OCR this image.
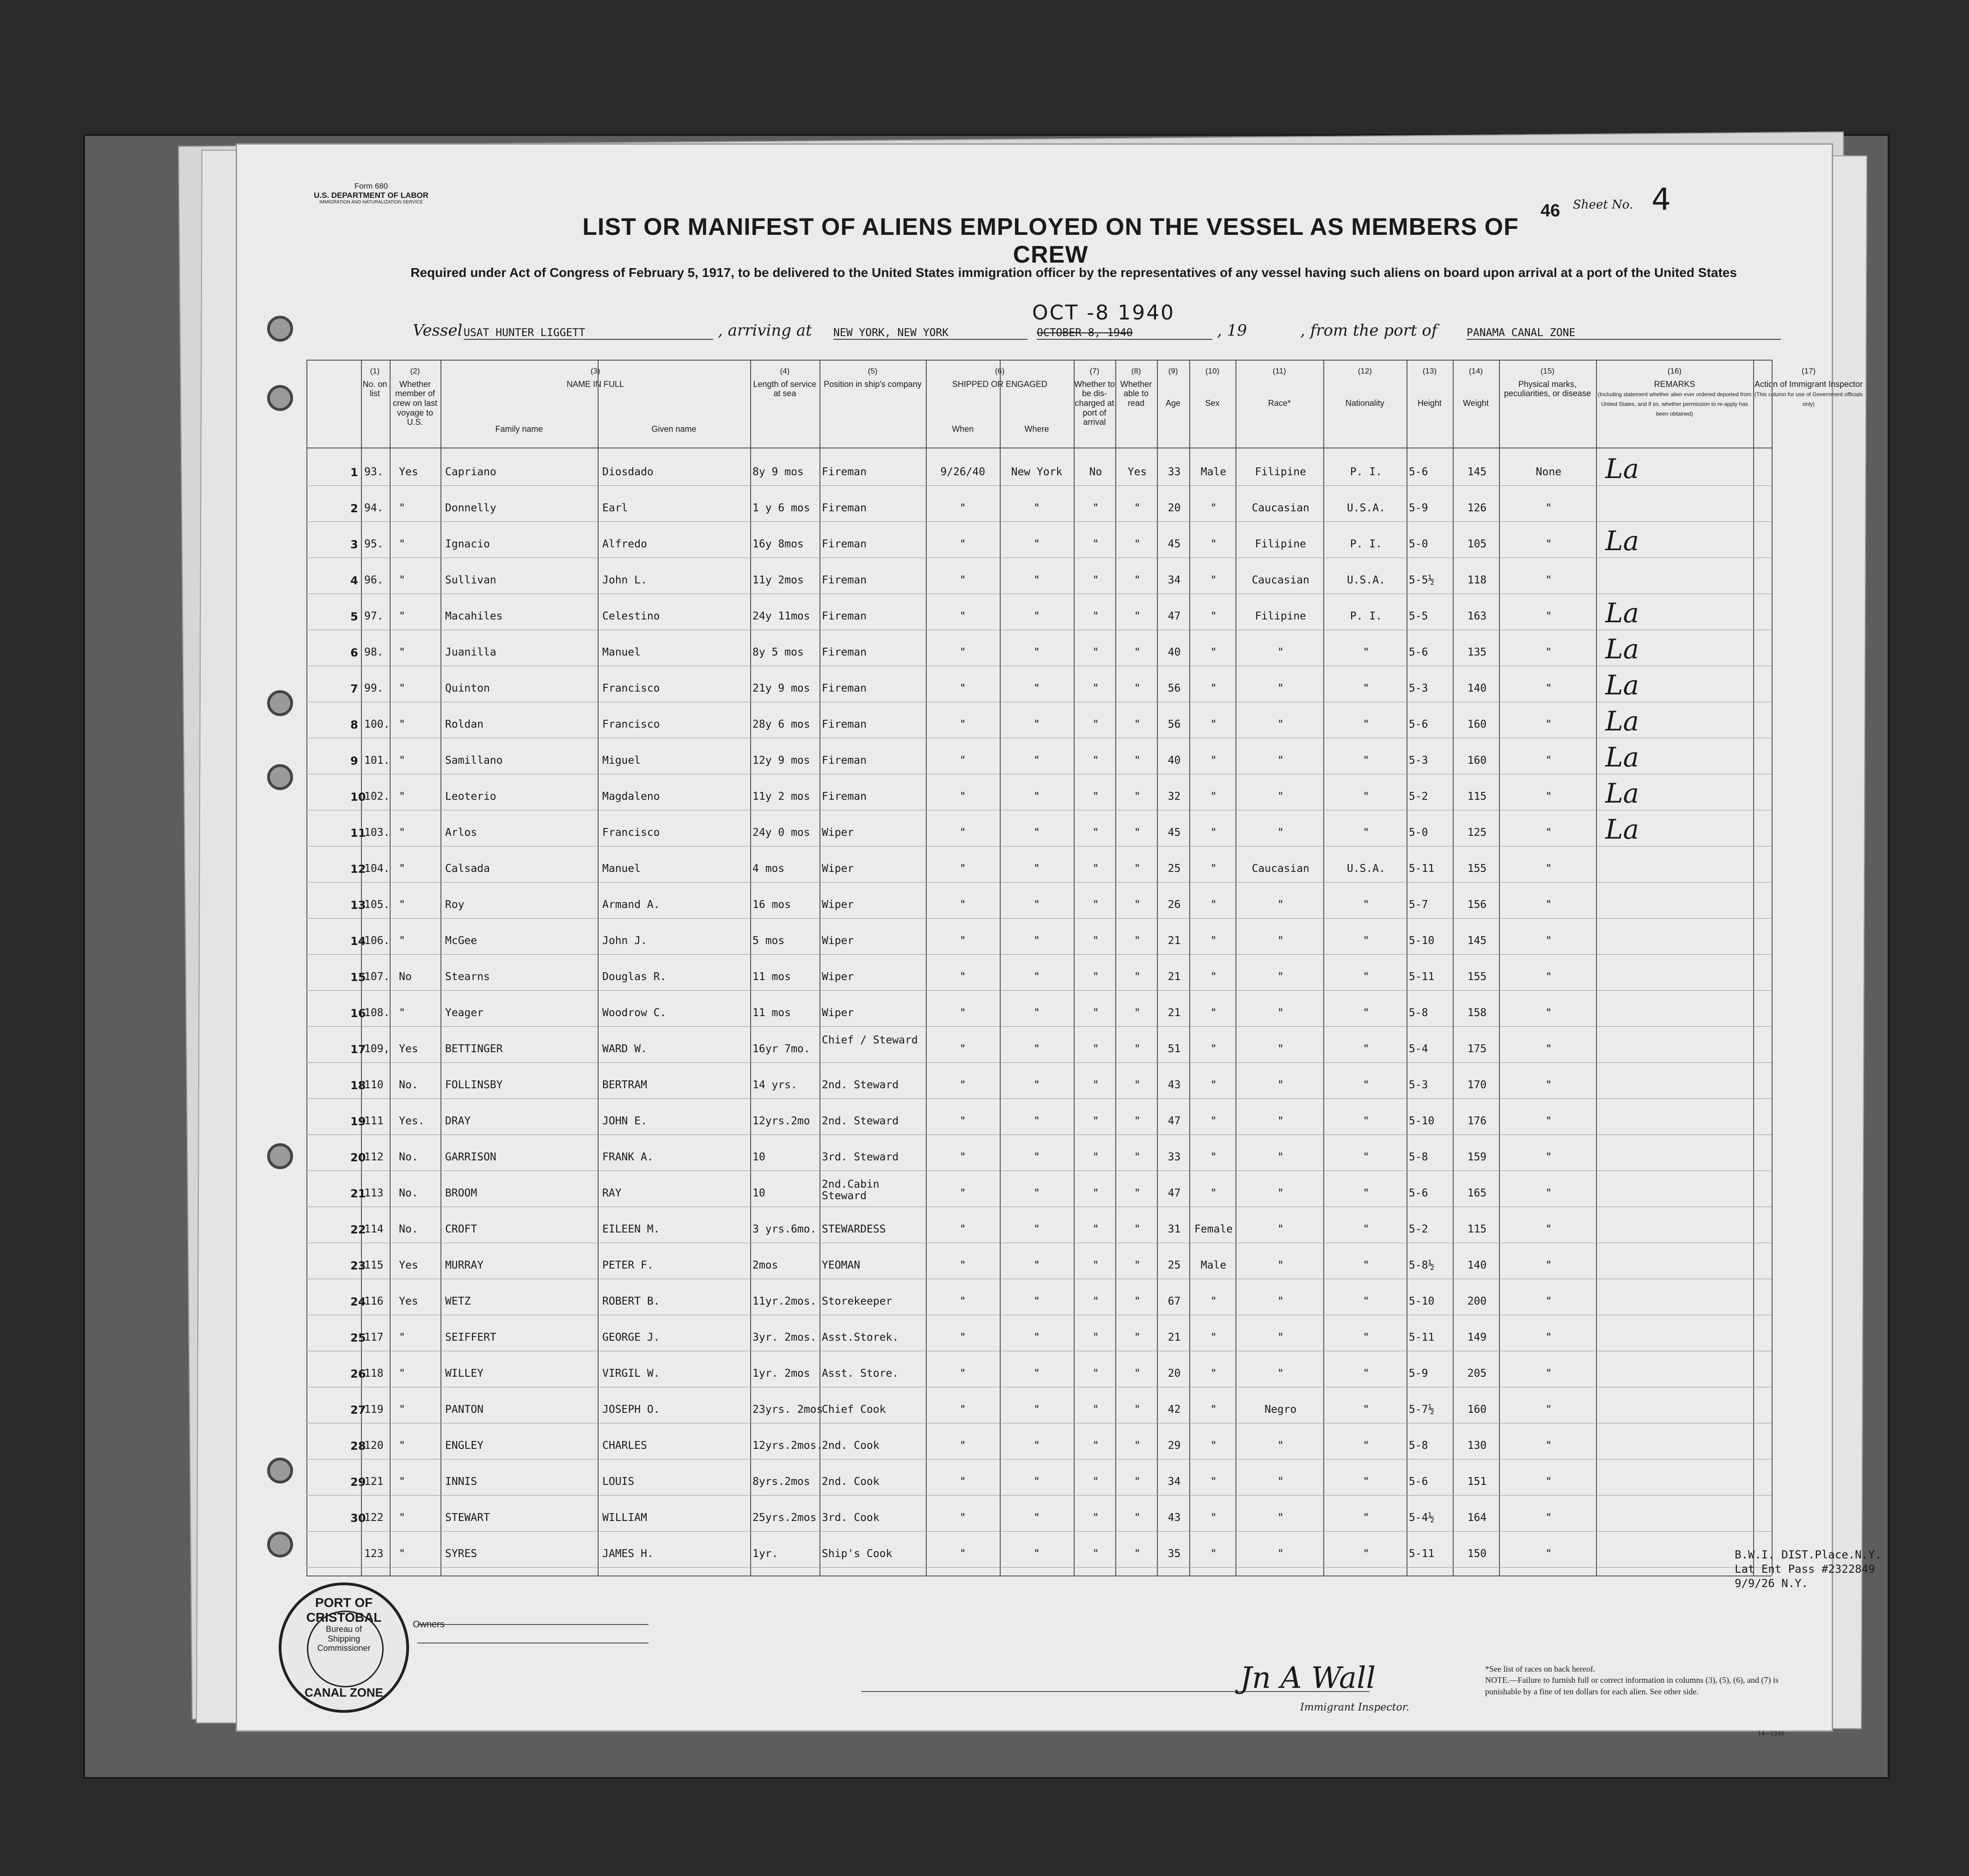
Form 680
U.S. DEPARTMENT OF LABOR
IMMIGRATION AND NATURALIZATION SERVICE
LIST OR MANIFEST OF ALIENS EMPLOYED ON THE VESSEL AS MEMBERS OF CREW
46 Sheet No. 4
Required under Act of Congress of February 5, 1917, to be delivered to the United States immigration officer by the representatives of any vessel having such aliens on board upon arrival at a port of the United States
OCT -8 1940
Vessel USAT HUNTER LIGGETT	, arriving at NEW YORK, NEW YORK	OCTOBER 8, 1940	, 19	, from the port of	PANAMA CANAL ZONE
(1)
No. on list
(2)
Whether member of crew on last voyage to U.S.
(3)
NAME IN FULL
Family name	Given name
(4)
Length of service at sea
(5)
Position in ship's company
(6)
SHIPPED OR ENGAGED
When	Where
(7)
Whether to be dis-charged at port of arrival
(8)
Whether able to read
(9)

Age
(10)

Sex
(11)

Race*
(12)

Nationality
(13)

Height
(14)

Weight
(15)
Physical marks, peculiarities, or disease
(16)
REMARKS
(Including statement whether alien ever ordered deported from United States, and if so, whether permission to re-apply has been obtained)
(17)
Action of Immigrant Inspector
(This column for use of Government officials only)
1 93.	Yes	Capriano	Diosdado	8y 9 mos	Fireman	9/26/40	New York	No	Yes	33	Male	Filipine	P. I.	5-6	145	None	La
2 94.	"	Donnelly	Earl	1 y 6 mos	Fireman	"	"	"	"	20	"	Caucasian	U.S.A.	5-9	126	"
3 95.	"	Ignacio	Alfredo	16y 8mos	Fireman	"	"	"	"	45	"	Filipine	P. I.	5-0	105	"	La
4 96.	"	Sullivan	John L.	11y 2mos	Fireman	"	"	"	"	34	"	Caucasian	U.S.A.	5-5½	118	"
5 97.	"	Macahiles	Celestino	24y 11mos	Fireman	"	"	"	"	47	"	Filipine	P. I.	5-5	163	"	La
6 98.	"	Juanilla	Manuel	8y 5 mos	Fireman	"	"	"	"	40	"	"	"	5-6	135	"	La
7 99.	"	Quinton	Francisco	21y 9 mos	Fireman	"	"	"	"	56	"	"	"	5-3	140	"	La
8 100. "	Roldan	Francisco	28y 6 mos	Fireman	"	"	"	"	56	"	"	"	5-6	160	"	La
9 101. "	Samillano	Miguel	12y 9 mos	Fireman	"	"	"	"	40	"	"	"	5-3	160	"	La
10
102. "	Leoterio	Magdaleno	11y 2 mos	Fireman	"	"	"	"	32	"	"	"	5-2	115	"	La
11
103. "	Arlos	Francisco	24y 0 mos	Wiper	"	"	"	"	45	"	"	"	5-0	125	"	La
12
104. "	Calsada	Manuel	4 mos	Wiper	"	"	"	"	25	"	Caucasian	U.S.A.	5-11	155	"
13
105. "	Roy	Armand A.	16 mos	Wiper	"	"	"	"	26	"	"	"	5-7	156	"
14
106. "	McGee	John J.	5 mos	Wiper	"	"	"	"	21	"	"	"	5-10	145	"
15
107. No	Stearns	Douglas R.	11 mos	Wiper	"	"	"	"	21	"	"	"	5-11	155	"
16
108. "	Yeager	Woodrow C.	11 mos	Wiper	"	"	"	"	21	"	"	"	5-8	158	"
17
109, Yes	BETTINGER	WARD W.	16yr 7mo.
Chief / Steward
"	"	"	"	51	"	"	"	5-4	175	"
18
110	No.	FOLLINSBY	BERTRAM	14 yrs.	2nd. Steward	"	"	"	"	43	"	"	"	5-3	170	"
19
111	Yes.	DRAY	JOHN E.	12yrs.2mo	2nd. Steward	"	"	"	"	47	"	"	"	5-10	176	"
20
112	No.	GARRISON	FRANK A.	10	3rd. Steward	"	"	"	"	33	"	"	"	5-8	159	"
21
113	No.	BROOM	RAY	10
2nd.Cabin Steward	"	"	"	"	47	"	"	"	5-6	165	"
22
114	No.	CROFT	EILEEN M.	3 yrs.6mo. STEWARDESS	"	"	"	"	31	Female	"	"	5-2	115	"
23
115	Yes	MURRAY	PETER F.	2mos	YEOMAN	"	"	"	"	25	Male	"	"	5-8½	140	"
24
116	Yes	WETZ	ROBERT B.	11yr.2mos. Storekeeper	"	"	"	"	67	"	"	"	5-10	200	"
25
117	"	SEIFFERT	GEORGE J.	3yr. 2mos. Asst.Storek.	"	"	"	"	21	"	"	"	5-11	149	"
26
118	"	WILLEY	VIRGIL W.	1yr. 2mos	Asst. Store.	"	"	"	"	20	"	"	"	5-9	205	"
27
119	"	PANTON	JOSEPH O.	23yrs. 2mos
Chief Cook	"	"	"	"	42	"	Negro	"	5-7½	160	"
28
120	"	ENGLEY	CHARLES	12yrs.2mos.
2nd. Cook	"	"	"	"	29	"	"	"	5-8	130	"
29
121	"	INNIS	LOUIS	8yrs.2mos	2nd. Cook	"	"	"	"	34	"	"	"	5-6	151	"
30
122	"	STEWART	WILLIAM	25yrs.2mos 3rd. Cook	"	"	"	"	43	"	"	"	5-4½	164	"
123	"	SYRES	JAMES H.	1yr.	Ship's Cook	"	"	"	"	35	"	"	"	5-11	150	"	B.W.I. DIST.Place.N.Y.
Lat Ent Pass #2322849
9/9/26 N.Y.
Owners
Jn A Wall
Immigrant Inspector.
*See list of races on back hereof.
NOTE.—Failure to furnish full or correct information in columns (3), (5), (6), and (7) is punishable by a fine of ten dollars for each alien. See other side.
14—1240
PORT OF CRISTOBAL
Bureau of Shipping Commissioner
CANAL ZONE
